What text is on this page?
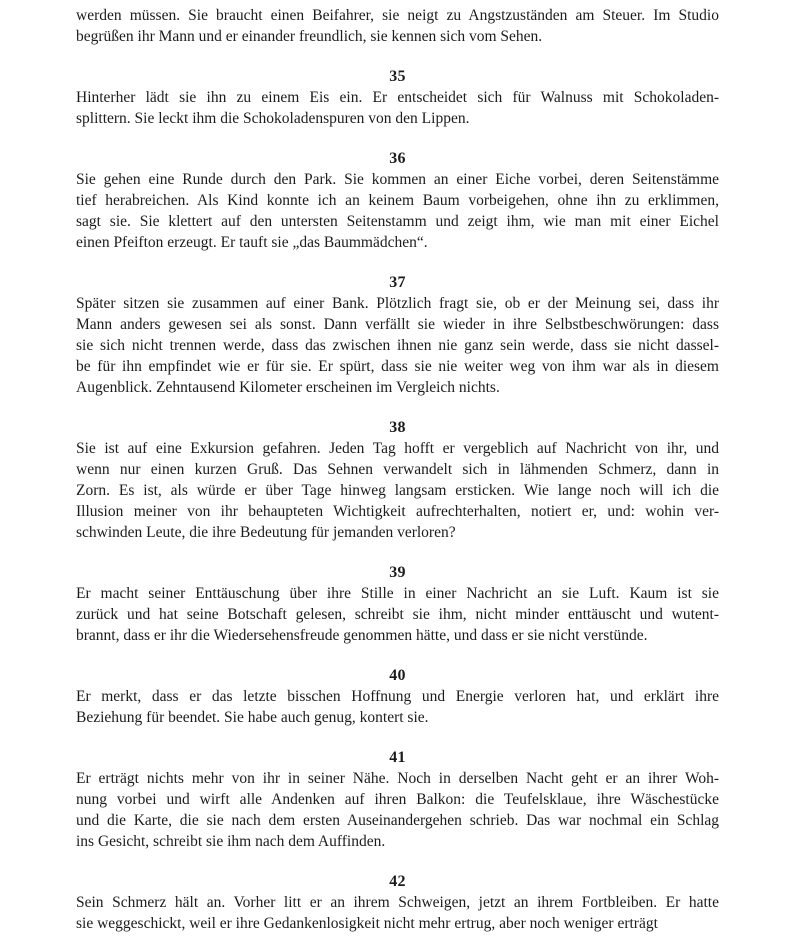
werden müssen. Sie braucht einen Beifahrer, sie neigt zu Angstzuständen am Steuer. Im Studio
begrüßen ihr Mann und er einander freundlich, sie kennen sich vom Sehen.
35
Hinterher lädt sie ihn zu einem Eis ein. Er entscheidet sich für Walnuss mit Schokoladen-
splittern. Sie leckt ihm die Schokoladenspuren von den Lippen.
36
Sie gehen eine Runde durch den Park. Sie kommen an einer Eiche vorbei, deren Seitenstämme
tief herabreichen. Als Kind konnte ich an keinem Baum vorbeigehen, ohne ihn zu erklimmen,
sagt sie. Sie klettert auf den untersten Seitenstamm und zeigt ihm, wie man mit einer Eichel
einen Pfeifton erzeugt. Er tauft sie „das Baummädchen“.
37
Später sitzen sie zusammen auf einer Bank. Plötzlich fragt sie, ob er der Meinung sei, dass ihr
Mann anders gewesen sei als sonst. Dann verfällt sie wieder in ihre Selbstbeschwörungen: dass
sie sich nicht trennen werde, dass das zwischen ihnen nie ganz sein werde, dass sie nicht dassel-
be für ihn empfindet wie er für sie. Er spürt, dass sie nie weiter weg von ihm war als in diesem
Augenblick. Zehntausend Kilometer erscheinen im Vergleich nichts.
38
Sie ist auf eine Exkursion gefahren. Jeden Tag hofft er vergeblich auf Nachricht von ihr, und
wenn nur einen kurzen Gruß. Das Sehnen verwandelt sich in lähmenden Schmerz, dann in
Zorn. Es ist, als würde er über Tage hinweg langsam ersticken. Wie lange noch will ich die
Illusion meiner von ihr behaupteten Wichtigkeit aufrechterhalten, notiert er, und: wohin ver-
schwinden Leute, die ihre Bedeutung für jemanden verloren?
39
Er macht seiner Enttäuschung über ihre Stille in einer Nachricht an sie Luft. Kaum ist sie
zurück und hat seine Botschaft gelesen, schreibt sie ihm, nicht minder enttäuscht und wutent-
brannt, dass er ihr die Wiedersehensfreude genommen hätte, und dass er sie nicht verstünde.
40
Er merkt, dass er das letzte bisschen Hoffnung und Energie verloren hat, und erklärt ihre
Beziehung für beendet. Sie habe auch genug, kontert sie.
41
Er erträgt nichts mehr von ihr in seiner Nähe. Noch in derselben Nacht geht er an ihrer Woh-
nung vorbei und wirft alle Andenken auf ihren Balkon: die Teufelsklaue, ihre Wäschestücke
und die Karte, die sie nach dem ersten Auseinandergehen schrieb. Das war nochmal ein Schlag
ins Gesicht, schreibt sie ihm nach dem Auffinden.
42
Sein Schmerz hält an. Vorher litt er an ihrem Schweigen, jetzt an ihrem Fortbleiben. Er hatte
sie weggeschickt, weil er ihre Gedankenlosigkeit nicht mehr ertrug, aber noch weniger erträgt
